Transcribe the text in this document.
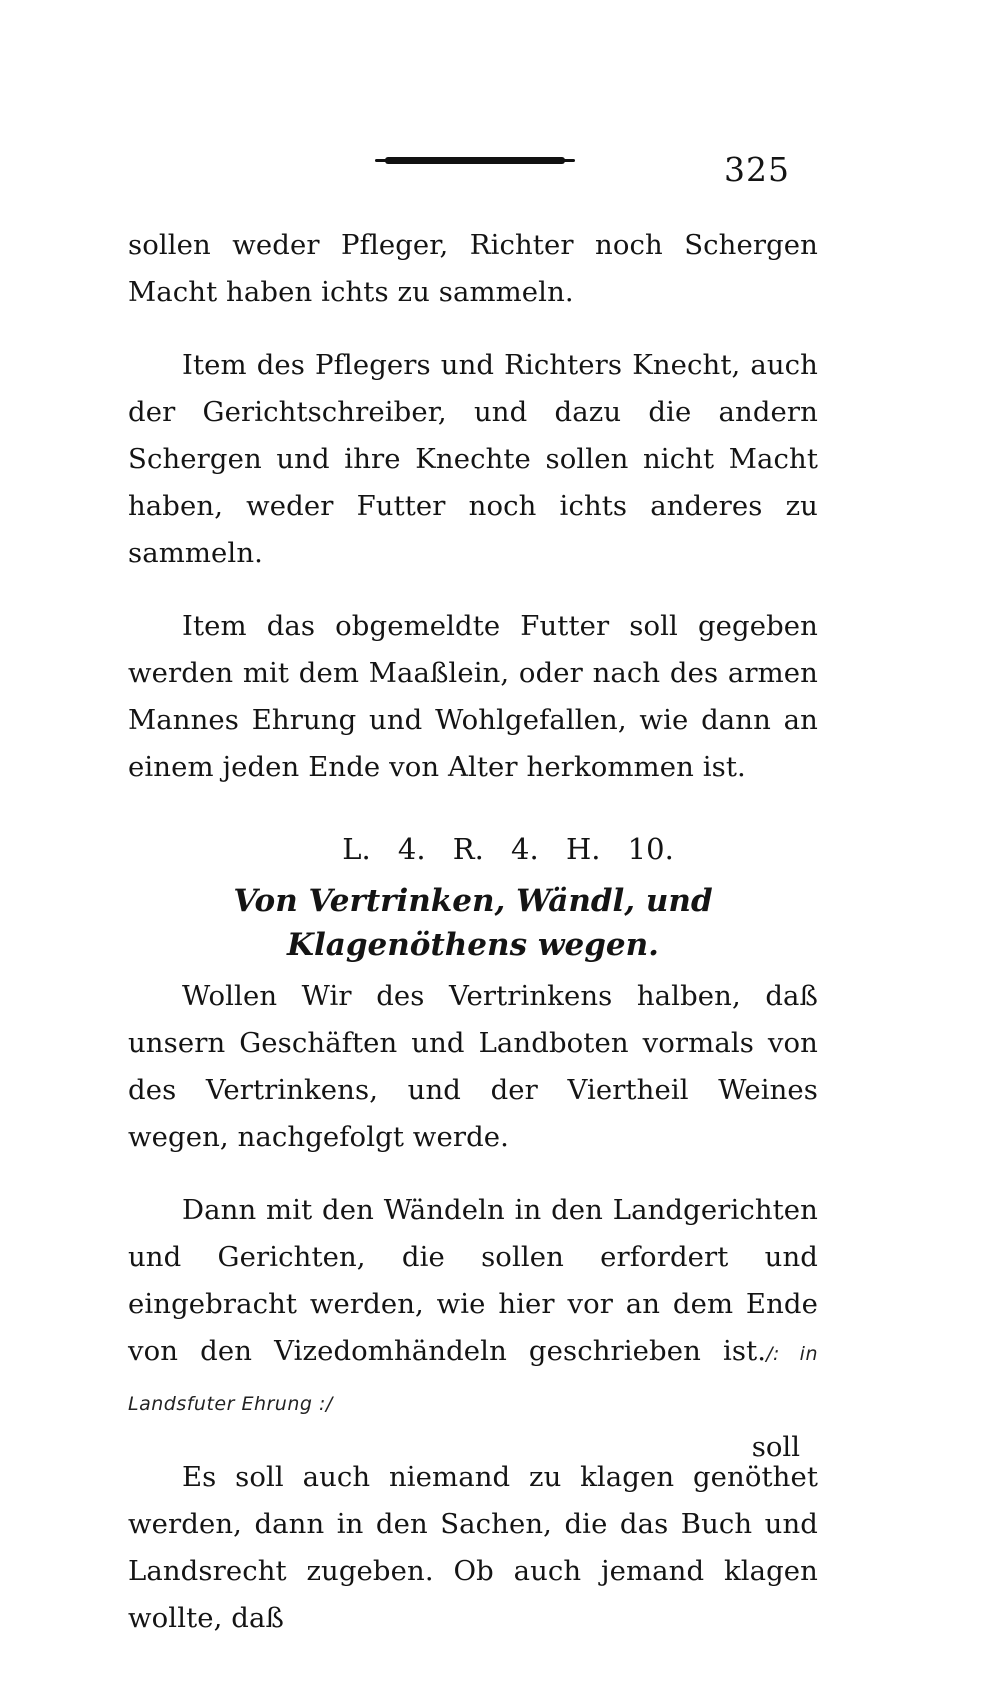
325

sollen weder Pfleger, Richter noch Schergen Macht haben ichts zu sammeln.

Item des Pflegers und Richters Knecht, auch der Gerichtschreiber, und dazu die andern Schergen und ihre Knechte sollen nicht Macht haben, weder Futter noch ichts anderes zu sammeln.

Item das obgemeldte Futter soll gegeben werden mit dem Maaßlein, oder nach des armen Mannes Ehrung und Wohlgefallen, wie dann an einem jeden Ende von Alter herkommen ist.

L. 4. R. 4. H. 10.

Von Vertrinken, Wändl, und Klagenöthens wegen.

Wollen Wir des Vertrinkens halben, daß unsern Geschäften und Landboten vormals von des Vertrinkens, und der Viertheil Weines wegen, nachgefolgt werde.

Dann mit den Wändeln in den Landgerichten und Gerichten, die sollen erfordert und eingebracht werden, wie hier vor an dem Ende von den Vizedomhändeln geschrieben ist./: in Landsfuter Ehrung :/

Es soll auch niemand zu klagen genöthet werden, dann in den Sachen, die das Buch und Landsrecht zugeben. Ob auch jemand klagen wollte, daß

soll
